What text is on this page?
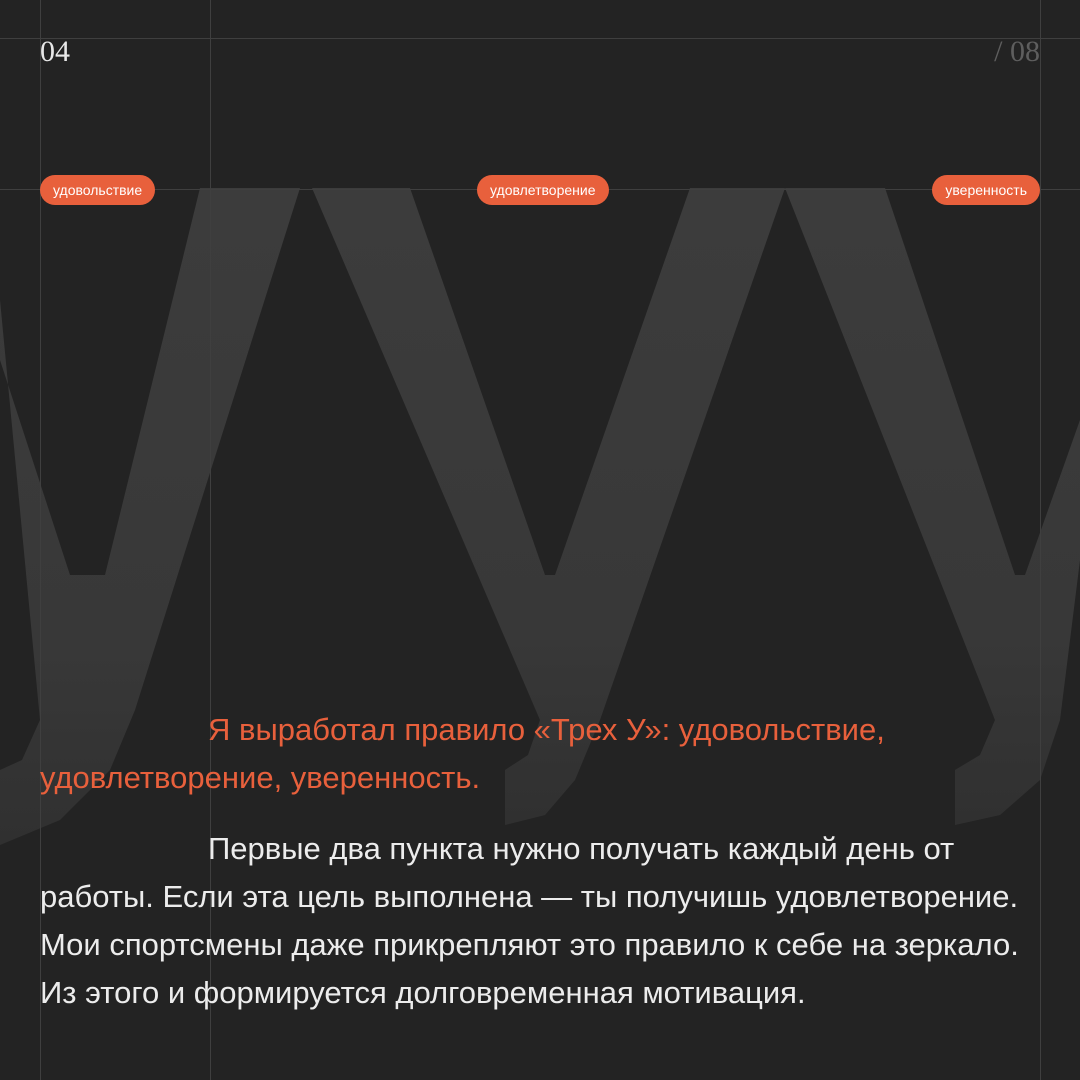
04	/ 08
удовольствие	удовлетворение	уверенность
Я выработал правило «Трех У»: удовольствие, удовлетворение, уверенность.
Первые два пункта нужно получать каждый день от работы. Если эта цель выполнена — ты получишь удовлетворение. Мои спортсмены даже прикрепляют это правило к себе на зеркало. Из этого и формируется долговременная мотивация.
